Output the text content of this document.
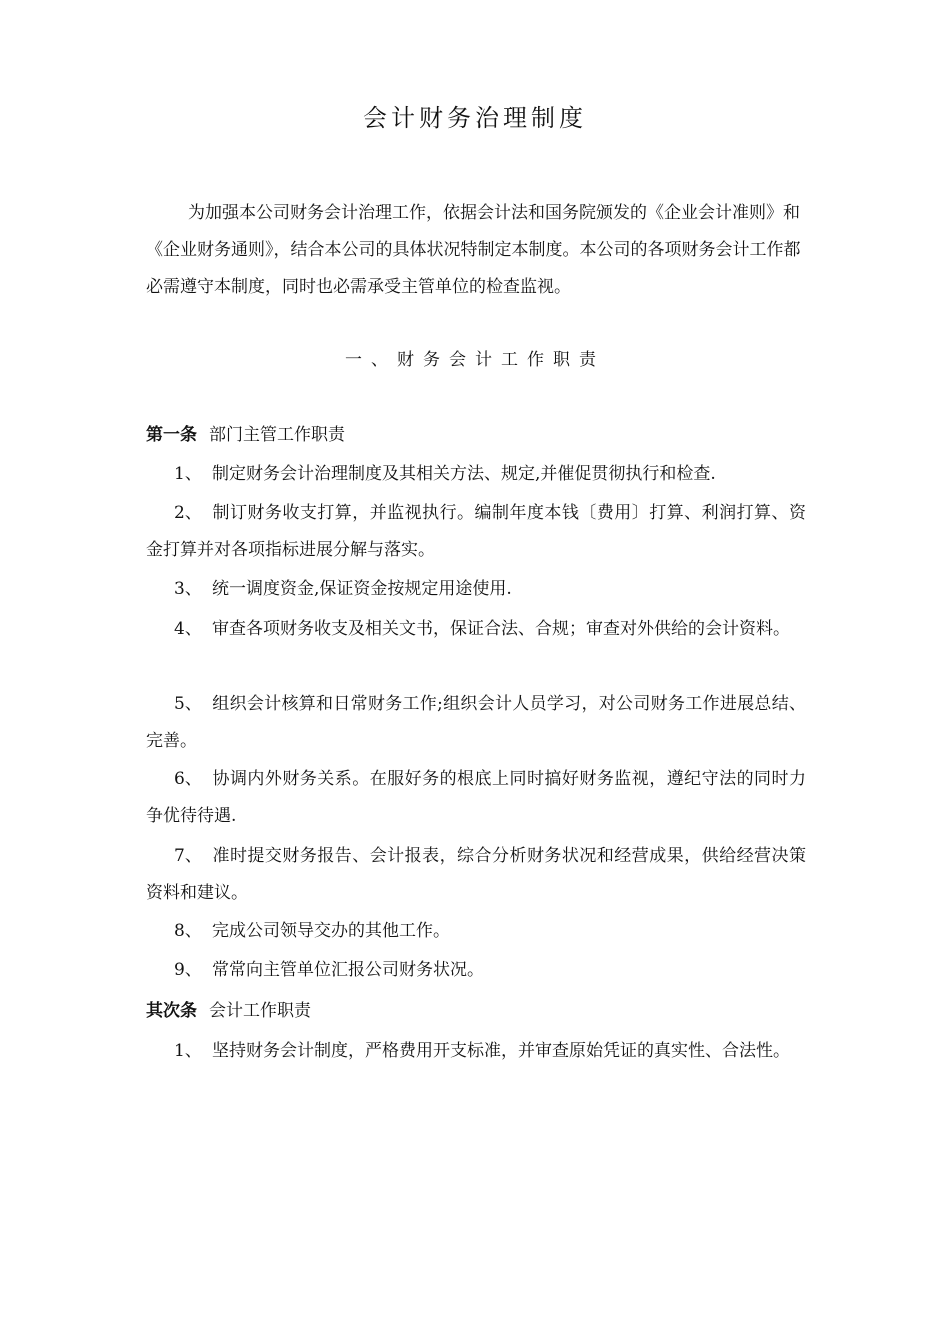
会计财务治理制度
为加强本公司财务会计治理工作，依据会计法和国务院颁发的《企业会计准则》和《企业财务通则》，结合本公司的具体状况特制定本制度。本公司的各项财务会计工作都必需遵守本制度，同时也必需承受主管单位的检查监视。
一、财务会计工作职责
第一条 部门主管工作职责
1、 制定财务会计治理制度及其相关方法、规定,并催促贯彻执行和检查.
2、 制订财务收支打算，并监视执行。编制年度本钱〔费用〕打算、利润打算、资金打算并对各项指标进展分解与落实。
3、 统一调度资金,保证资金按规定用途使用.
4、 审查各项财务收支及相关文书，保证合法、合规；审查对外供给的会计资料。
5、 组织会计核算和日常财务工作;组织会计人员学习，对公司财务工作进展总结、完善。
6、 协调内外财务关系。在服好务的根底上同时搞好财务监视，遵纪守法的同时力争优待待遇.
7、 准时提交财务报告、会计报表，综合分析财务状况和经营成果，供给经营决策资料和建议。
8、 完成公司领导交办的其他工作。
9、 常常向主管单位汇报公司财务状况。
其次条 会计工作职责
1、 坚持财务会计制度，严格费用开支标准，并审查原始凭证的真实性、合法性。
